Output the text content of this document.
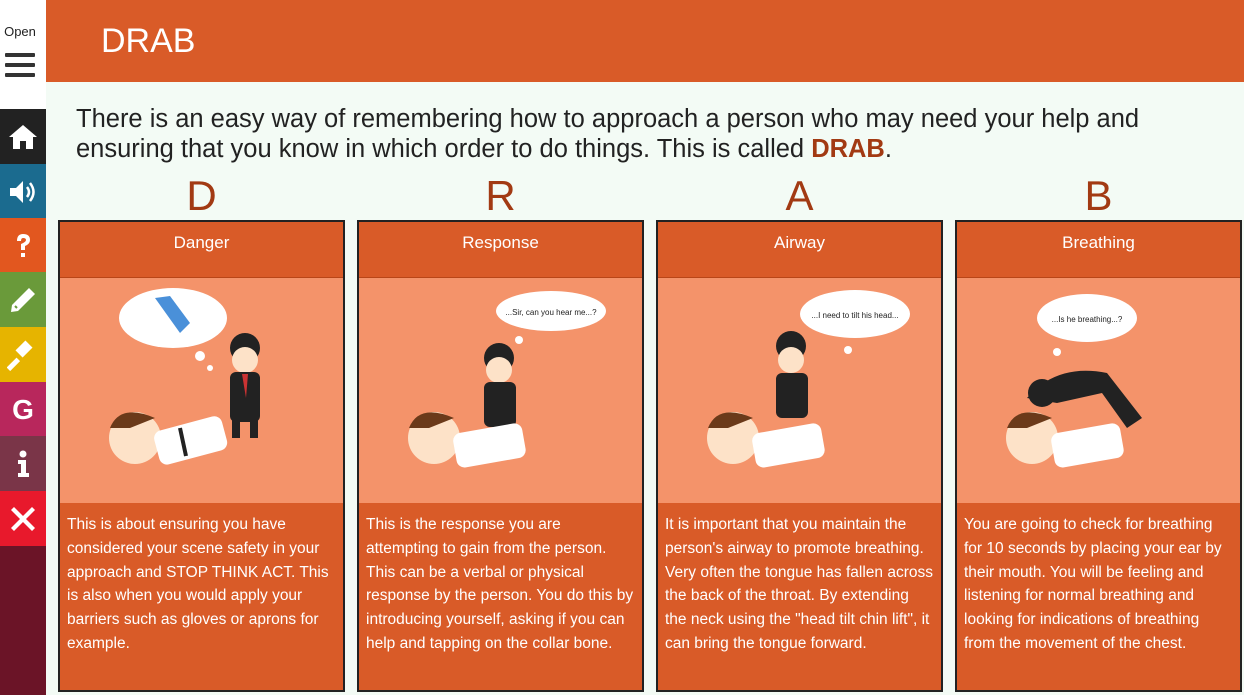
Open
G
DRAB
There is an easy way of remembering how to approach a person who may need your help and ensuring that you know in which order to do things. This is called DRAB.
D	R	A	B
Danger
This is about ensuring you have considered your scene safety in your approach and STOP THINK ACT. This is also when you would apply your barriers such as gloves or aprons for example.
Response
...Sir, can you hear me...?
This is the response you are attempting to gain from the person. This can be a verbal or physical response by the person. You do this by introducing yourself, asking if you can help and tapping on the collar bone.
Airway
...I need to tilt his head...
It is important that you maintain the person's airway to promote breathing. Very often the tongue has fallen across the back of the throat. By extending the neck using the "head tilt chin lift", it can bring the tongue forward.
Breathing
...Is he breathing...?
You are going to check for breathing for 10 seconds by placing your ear by their mouth. You will be feeling and listening for normal breathing and looking for indications of breathing from the movement of the chest.
